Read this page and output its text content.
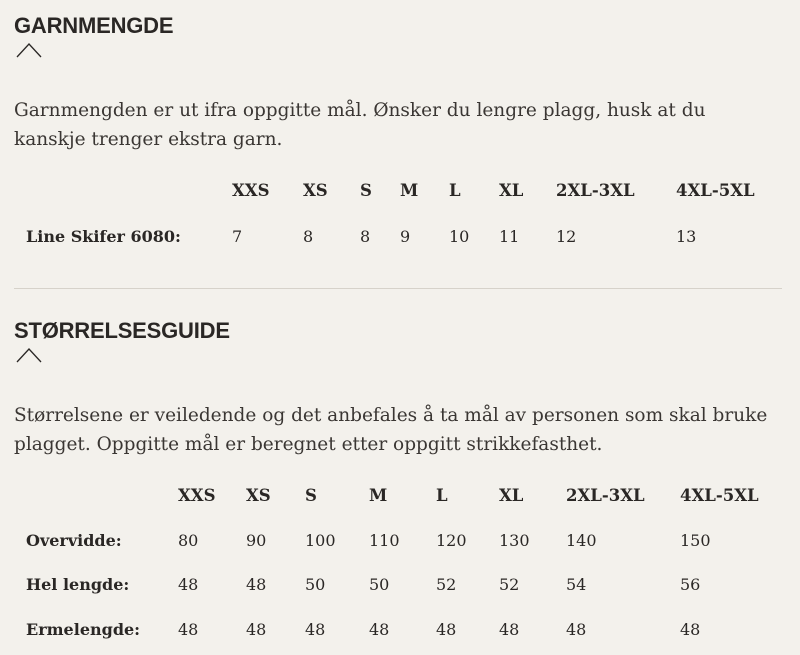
GARNMENGDE

Garnmengden er ut ifra oppgitte mål. Ønsker du lengre plagg, husk at du kanskje trenger ekstra garn.

XXS XS S M L XL 2XL-3XL	4XL-5XL
Line Skifer 6080:	7	8	8 9 10 11 12	13
STØRRELSESGUIDE

Størrelsene er veiledende og det anbefales å ta mål av personen som skal bruke plagget. Oppgitte mål er beregnet etter oppgitt strikkefasthet.

XXS XS S	M	L	XL	2XL-3XL 4XL-5XL
Overvidde:	80	90 100 110 120 130 140	150
Hel lengde:	48	48 50	50	52	52	54	56
Ermelengde: 48	48 48	48	48	48	48	48
